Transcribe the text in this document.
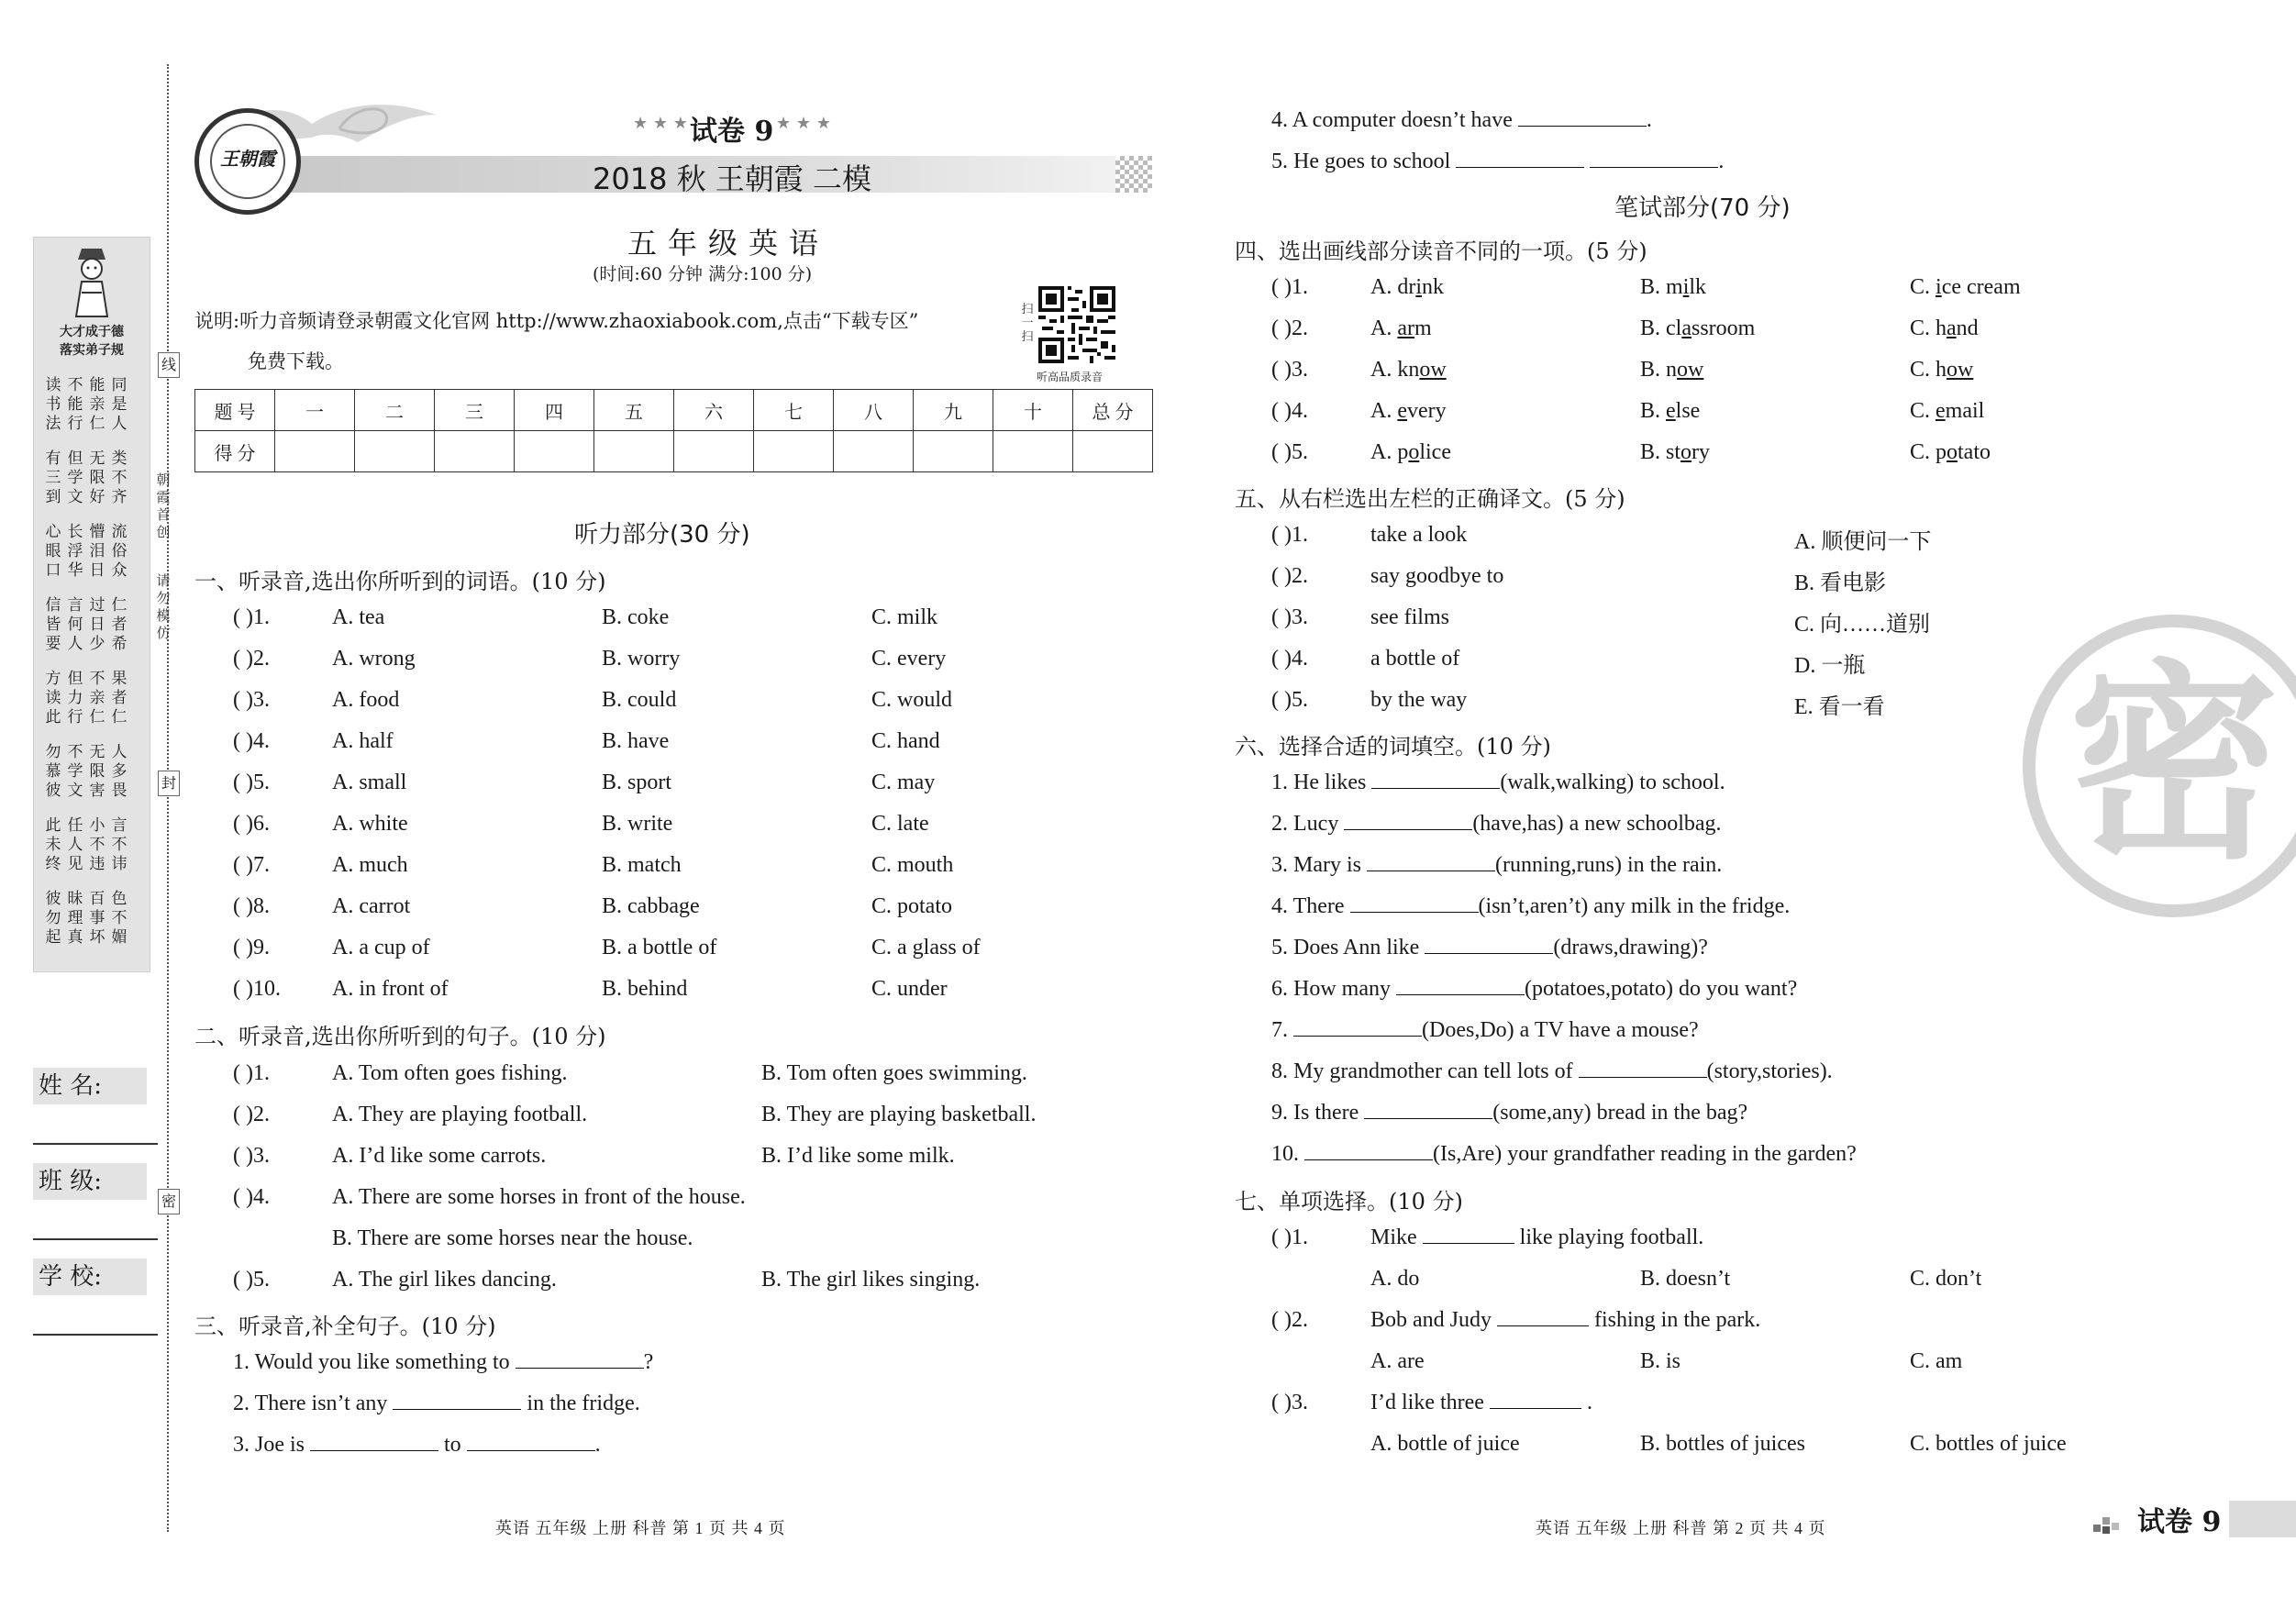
大才成于德
落实弟子规
读书法
不能行
能亲仁
同是人
有三到
但学文
无限好
类不齐
心眼口
长浮华
懵泪日
流俗众
信皆要
言何人
过日少
仁者希
方读此
但力行
不亲仁
果者仁
勿慕彼
不学文
无限害
人多畏
此未终
任人见
小不违
言不讳
彼勿起
昧理真
百事坏
色不媚
线
封
密
朝霞首创
请勿模仿
姓 名:
班 级:
学 校:
王朝霞
★ ★ ★ 试卷 9 ★ ★ ★
2018 秋 王朝霞 二模
五年级英语
(时间:60 分钟 满分:100 分)
说明:听力音频请登录朝霞文化官网 http://www.zhaoxiabook.com,点击“下载专区”
免费下载。
扫一扫
听高品质录音
题 号	一	二	三	四	五	六	七	八	九	十	总 分
得 分											
听力部分(30 分)
一、听录音,选出你所听到的词语。(10 分)
( )1.	A. tea	B. coke	C. milk
( )2.	A. wrong	B. worry	C. every
( )3.	A. food	B. could	C. would
( )4.	A. half	B. have	C. hand
( )5.	A. small	B. sport	C. may
( )6.	A. white	B. write	C. late
( )7.	A. much	B. match	C. mouth
( )8.	A. carrot	B. cabbage	C. potato
( )9.	A. a cup of	B. a bottle of	C. a glass of
( )10. A. in front of	B. behind	C. under
二、听录音,选出你所听到的句子。(10 分)
( )1.	A. Tom often goes fishing.	B. Tom often goes swimming.
( )2.	A. They are playing football.	B. They are playing basketball.
( )3.	A. I’d like some carrots.	B. I’d like some milk.
( )4.	A. There are some horses in front of the house.
B. There are some horses near the house.
( )5.	A. The girl likes dancing.	B. The girl likes singing.
三、听录音,补全句子。(10 分)
1. Would you like something to	?
2. There isn’t any	in the fridge.
3. Joe is	to	.
英语 五年级 上册 科普 第 1 页 共 4 页
4. A computer doesn’t have	.
5. He goes to school	.
笔试部分(70 分)
四、选出画线部分读音不同的一项。(5 分)
( )1.	A. drink	B. milk	C. ice cream
( )2.	A. arm	B. classroom	C. hand
( )3.	A. know	B. now	C. how
( )4.	A. every	B. else	C. email
( )5.	A. police	B. story	C. potato
五、从右栏选出左栏的正确译文。(5 分)
( )1.	take a look	A. 顺便问一下
( )2.	say goodbye to	B. 看电影
( )3.	see films	C. 向……道别
( )4.	a bottle of	D. 一瓶
( )5.	by the way	E. 看一看
六、选择合适的词填空。(10 分)
1. He likes	(walk,walking) to school.
2. Lucy	(have,has) a new schoolbag.
3. Mary is	(running,runs) in the rain.
4. There	(isn’t,aren’t) any milk in the fridge.
5. Does Ann like	(draws,drawing)?
6. How many	(potatoes,potato) do you want?
7.	(Does,Do) a TV have a mouse?
8. My grandmother can tell lots of	(story,stories).
9. Is there	(some,any) bread in the bag?
10.	(Is,Are) your grandfather reading in the garden?
七、单项选择。(10 分)
( )1.	Mike	like playing football.
A. do	B. doesn’t	C. don’t
( )2.	Bob and Judy	fishing in the park.
A. are	B. is	C. am
( )3.	I’d like three	.
A. bottle of juice	B. bottles of juices	C. bottles of juice
英语 五年级 上册 科普 第 2 页 共 4 页	试卷 9
密
